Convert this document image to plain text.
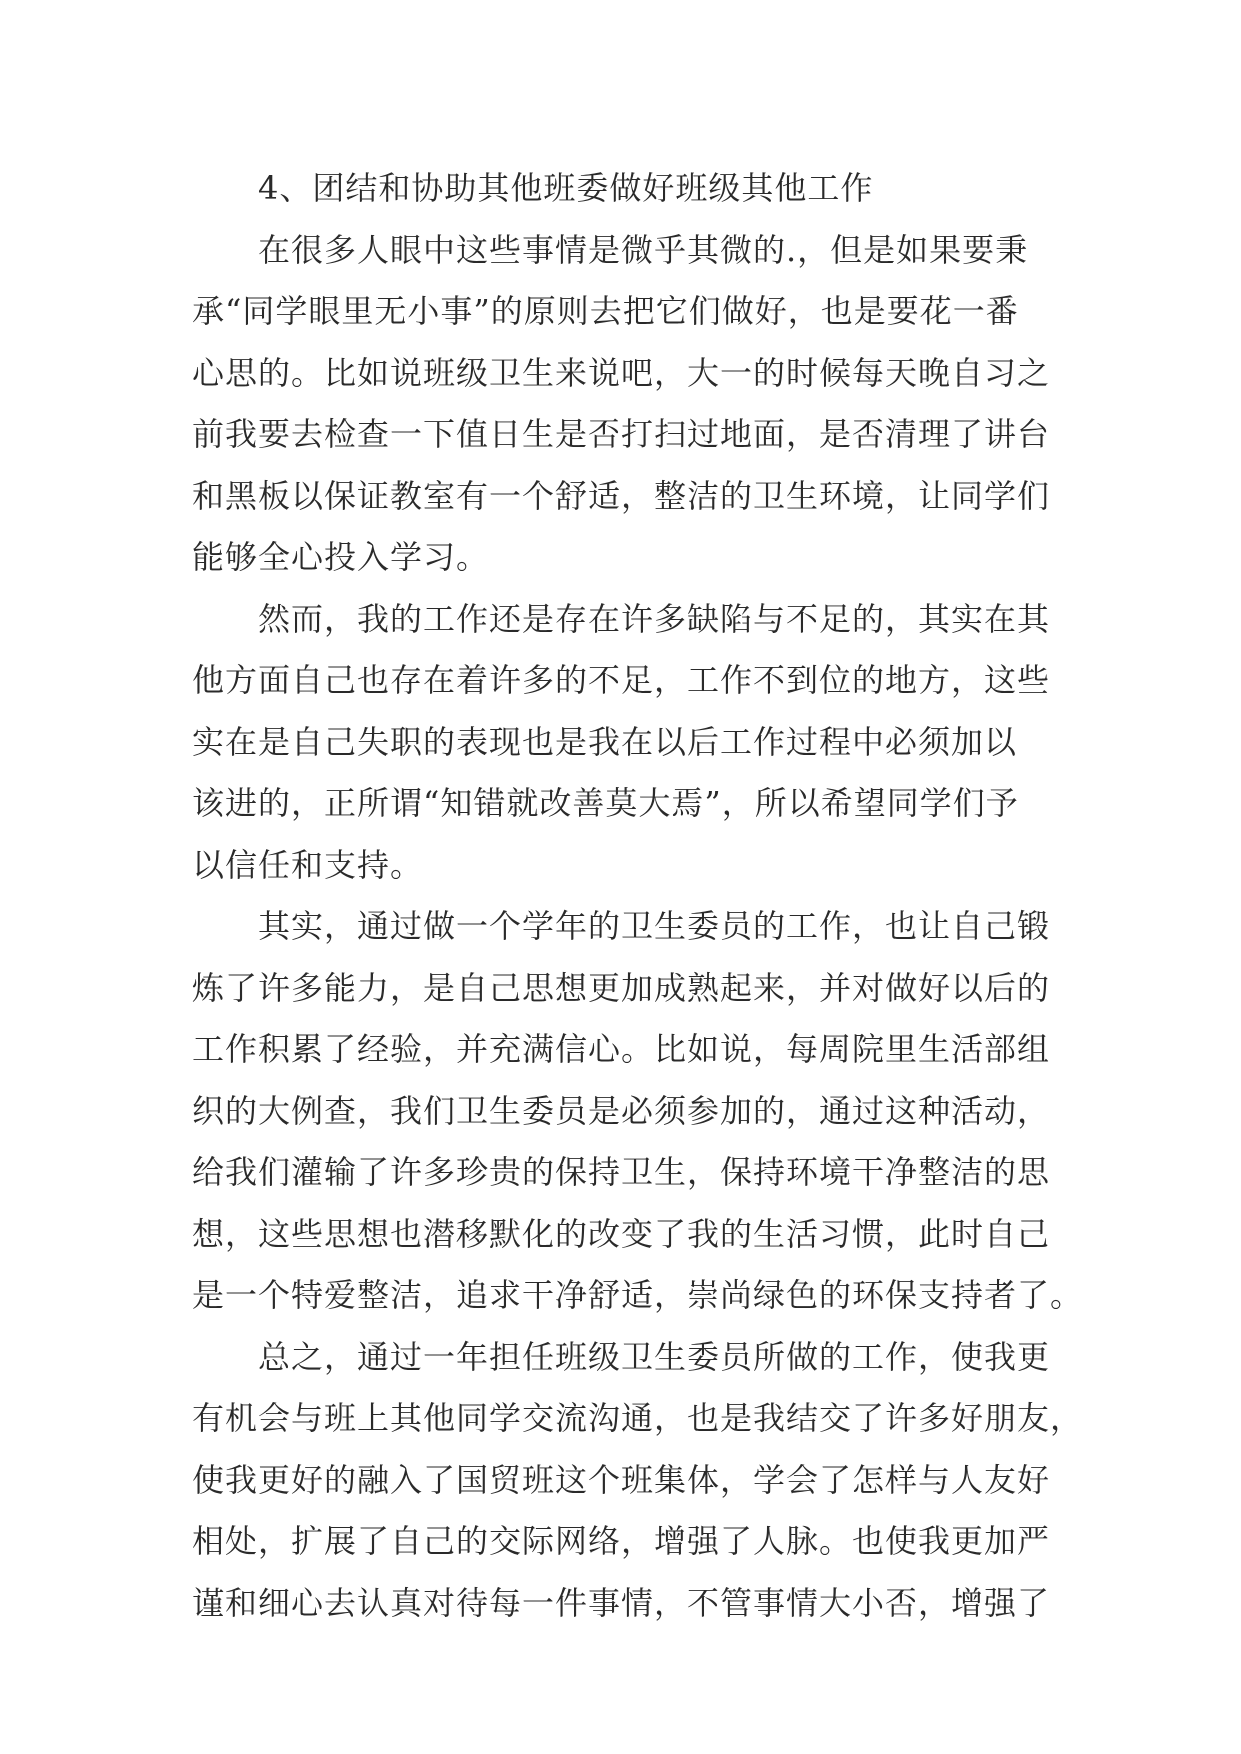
4、团结和协助其他班委做好班级其他工作
在很多人眼中这些事情是微乎其微的.，但是如果要秉
承“同学眼里无小事”的原则去把它们做好，也是要花一番
心思的。比如说班级卫生来说吧，大一的时候每天晚自习之
前我要去检查一下值日生是否打扫过地面，是否清理了讲台
和黑板以保证教室有一个舒适，整洁的卫生环境，让同学们
能够全心投入学习。
然而，我的工作还是存在许多缺陷与不足的，其实在其
他方面自己也存在着许多的不足，工作不到位的地方，这些
实在是自己失职的表现也是我在以后工作过程中必须加以
该进的，正所谓“知错就改善莫大焉”，所以希望同学们予
以信任和支持。
其实，通过做一个学年的卫生委员的工作，也让自己锻
炼了许多能力，是自己思想更加成熟起来，并对做好以后的
工作积累了经验，并充满信心。比如说，每周院里生活部组
织的大例查，我们卫生委员是必须参加的，通过这种活动，
给我们灌输了许多珍贵的保持卫生，保持环境干净整洁的思
想，这些思想也潜移默化的改变了我的生活习惯，此时自己
是一个特爱整洁，追求干净舒适，崇尚绿色的环保支持者了。
总之，通过一年担任班级卫生委员所做的工作，使我更
有机会与班上其他同学交流沟通，也是我结交了许多好朋友，
使我更好的融入了国贸班这个班集体，学会了怎样与人友好
相处，扩展了自己的交际网络，增强了人脉。也使我更加严
谨和细心去认真对待每一件事情，不管事情大小否，增强了
